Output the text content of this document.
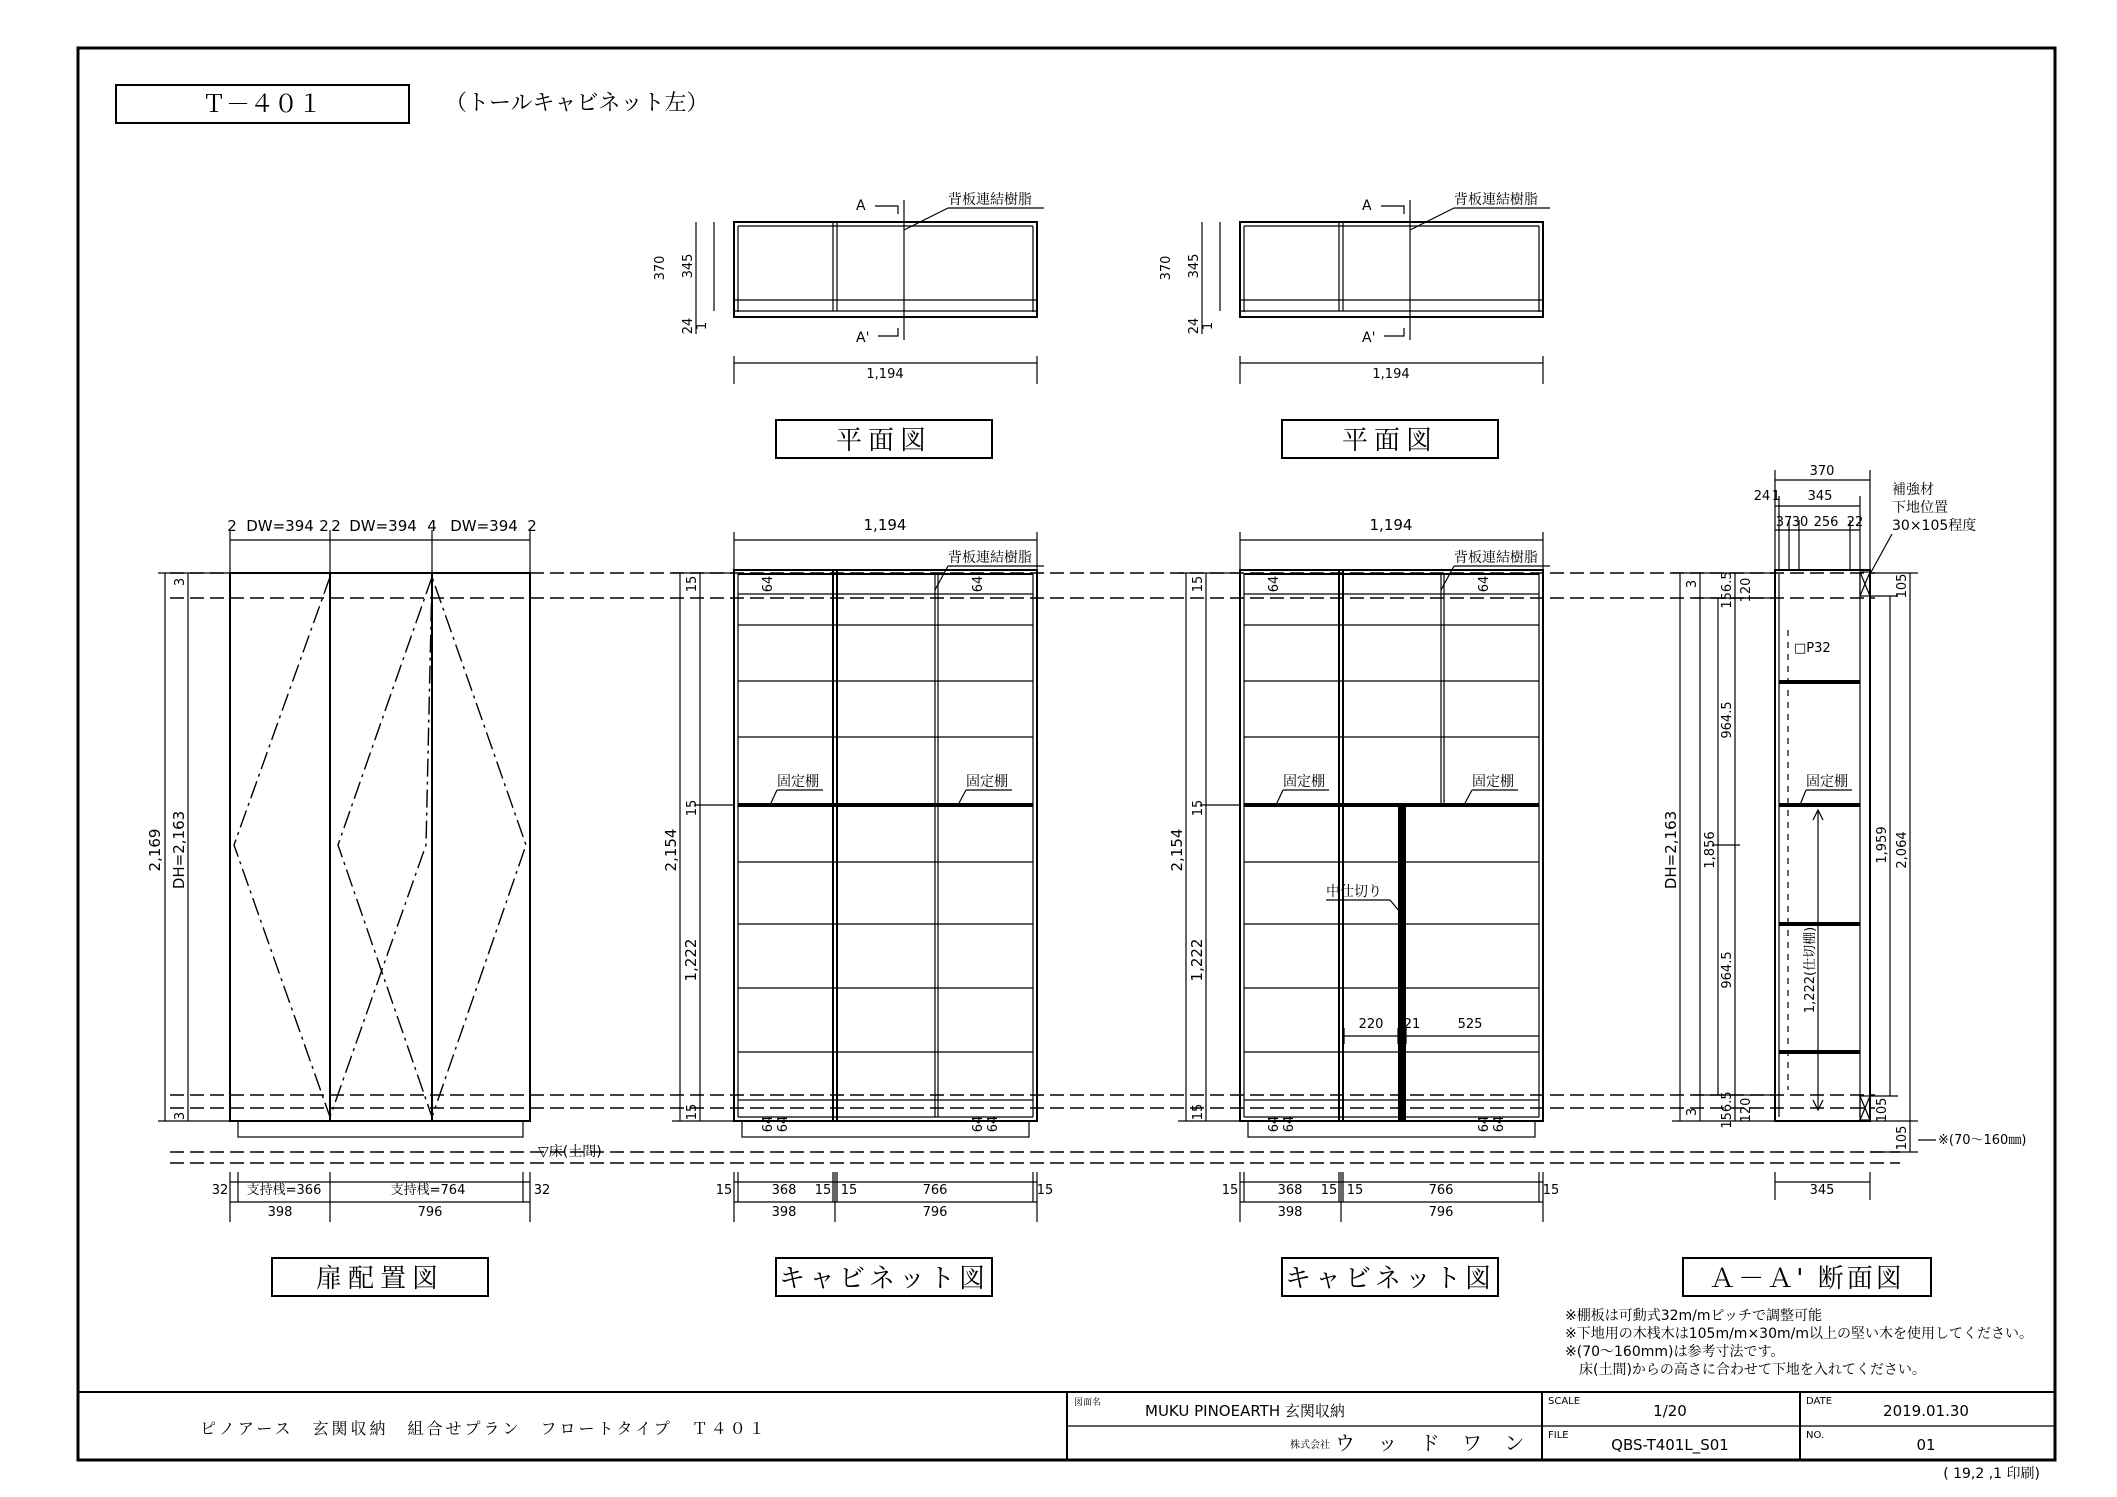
Ｔ－４０１	（トールキャビネット左）
A
A'
背板連結樹脂
370 345
24 1
1,194
平面図
A
A'
背板連結樹脂
370 345
24 1
1,194
平面図
2 DW=394 2 2 DW=394 4 DW=394 2
2,169 DH=2,163
3
3
32 支持桟=366	支持桟=764	32
398	796
扉配置図
64	64
64 64	64 64
固定棚	固定棚
背板連結樹脂
1,194
2,154
15
15
1,222
15
15	368 15 15	766	15
398	796
キャビネット図
64	64
64 64	64 64
固定棚	固定棚
中仕切り
220 21	525
背板連結樹脂
1,194
2,154
15
15
1,222
15
15	368 15 15	766	15
398	796
キャビネット図
□P32
固定棚
1,222(仕切棚)
370
24 1 345
37 30 256 22
補強材
下地位置
30×105程度
DH=2,163
3
3
1,856
156.5
156.5
120
120
964.5
964.5
105
1,959 2,064
105
105 ※(70～160㎜)
▽床(土間)
345
Ａ－Ａ' 断面図
※棚板は可動式32m/mピッチで調整可能
※下地用の木桟木は105m/m×30m/m以上の堅い木を使用してください。
※(70～160mm)は参考寸法です。
　床(土間)からの高さに合わせて下地を入れてください。
ピノアース　玄関収納　組合せプラン　フロートタイプ　Ｔ４０１
図面名	MUKU PINOEARTH 玄関収納
株式会社 ウ ッ ド ワ ン
SCALE
1/20
FILE
QBS-T401L_S01
DATE
2019.01.30
NO.
01
( 19,2 ,1 印刷)
